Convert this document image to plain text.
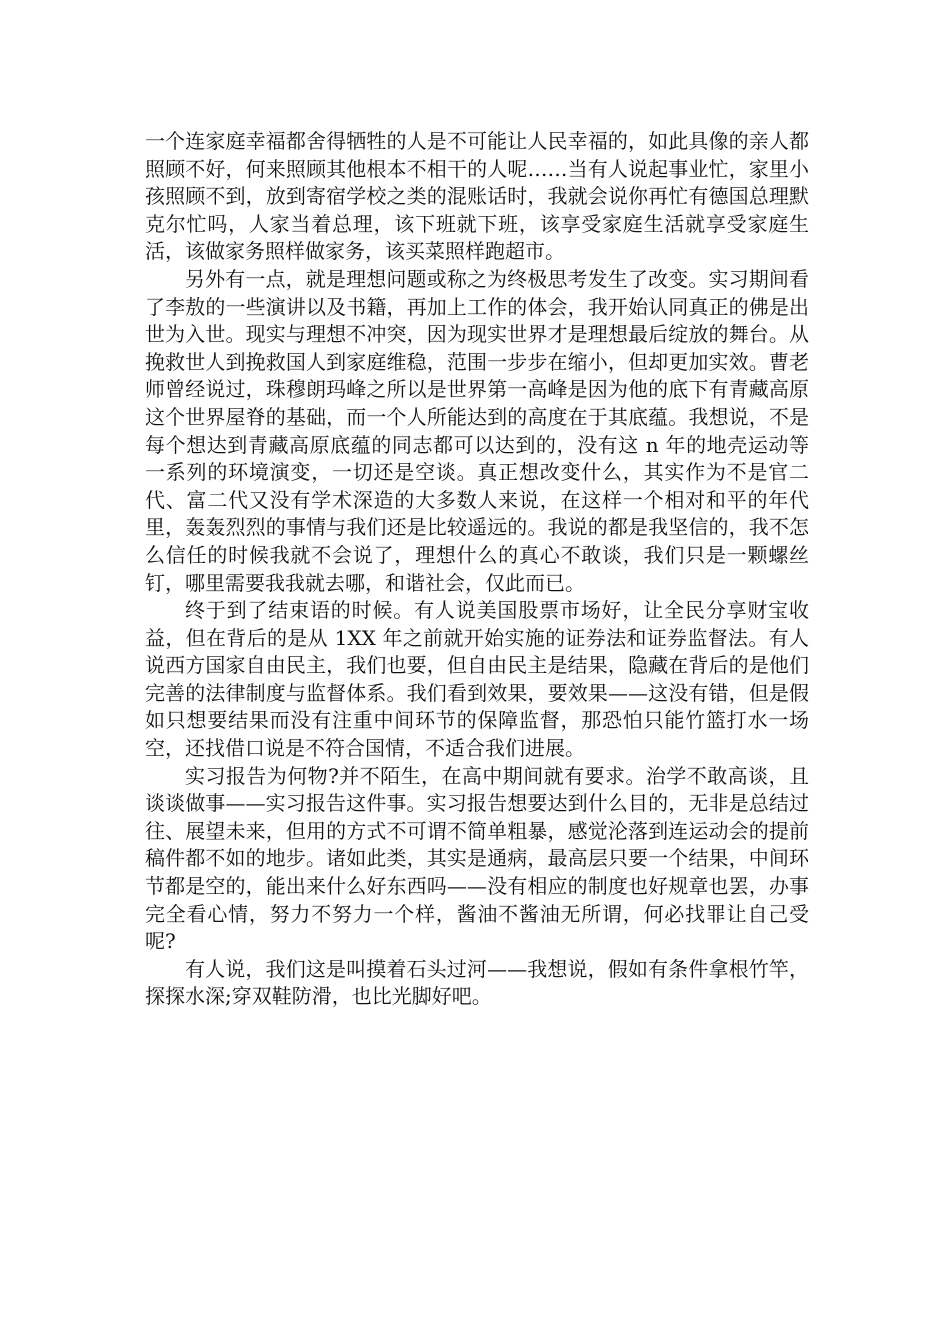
一个连家庭幸福都舍得牺牲的人是不可能让人民幸福的，如此具像的亲人都照顾不好，何来照顾其他根本不相干的人呢……当有人说起事业忙，家里小孩照顾不到，放到寄宿学校之类的混账话时，我就会说你再忙有德国总理默克尔忙吗，人家当着总理，该下班就下班，该享受家庭生活就享受家庭生活，该做家务照样做家务，该买菜照样跑超市。

另外有一点，就是理想问题或称之为终极思考发生了改变。实习期间看了李敖的一些演讲以及书籍，再加上工作的体会，我开始认同真正的佛是出世为入世。现实与理想不冲突，因为现实世界才是理想最后绽放的舞台。从挽救世人到挽救国人到家庭维稳，范围一步步在缩小，但却更加实效。曹老师曾经说过，珠穆朗玛峰之所以是世界第一高峰是因为他的底下有青藏高原这个世界屋脊的基础，而一个人所能达到的高度在于其底蕴。我想说，不是每个想达到青藏高原底蕴的同志都可以达到的，没有这 n 年的地壳运动等一系列的环境演变，一切还是空谈。真正想改变什么，其实作为不是官二代、富二代又没有学术深造的大多数人来说，在这样一个相对和平的年代里，轰轰烈烈的事情与我们还是比较遥远的。我说的都是我坚信的，我不怎么信任的时候我就不会说了，理想什么的真心不敢谈，我们只是一颗螺丝钉，哪里需要我我就去哪，和谐社会，仅此而已。

终于到了结束语的时候。有人说美国股票市场好，让全民分享财宝收益，但在背后的是从 1XX 年之前就开始实施的证券法和证券监督法。有人说西方国家自由民主，我们也要，但自由民主是结果，隐藏在背后的是他们完善的法律制度与监督体系。我们看到效果，要效果——这没有错，但是假如只想要结果而没有注重中间环节的保障监督，那恐怕只能竹篮打水一场空，还找借口说是不符合国情，不适合我们进展。

实习报告为何物?并不陌生，在高中期间就有要求。治学不敢高谈，且谈谈做事——实习报告这件事。实习报告想要达到什么目的，无非是总结过往、展望未来，但用的方式不可谓不简单粗暴，感觉沦落到连运动会的提前稿件都不如的地步。诸如此类，其实是通病，最高层只要一个结果，中间环节都是空的，能出来什么好东西吗——没有相应的制度也好规章也罢，办事完全看心情，努力不努力一个样，酱油不酱油无所谓，何必找罪让自己受呢?

有人说，我们这是叫摸着石头过河——我想说，假如有条件拿根竹竿，探探水深;穿双鞋防滑，也比光脚好吧。
